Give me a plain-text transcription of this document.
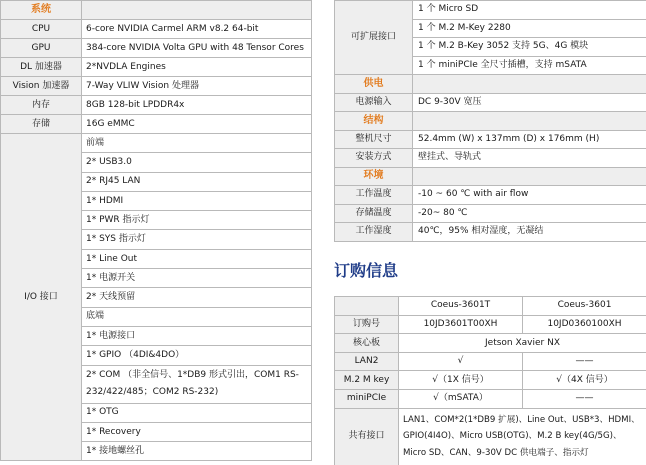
系统	
CPU	6-core NVIDIA Carmel ARM v8.2 64-bit
GPU	384-core NVIDIA Volta GPU with 48 Tensor Cores
DL 加速器	2*NVDLA Engines
Vision 加速器	7-Way VLIW Vision 处理器
内存	8GB 128-bit LPDDR4x
存储	16G eMMC
I/O 接口	前端
	2* USB3.0
	2* RJ45 LAN
	1* HDMI
	1* PWR 指示灯
	1* SYS 指示灯
	1* Line Out
	1* 电源开关
	2* 天线预留
	底端
	1* 电源接口
	1* GPIO （4DI&4DO）

	2* COM （非全信号、1*DB9 形式引出，COM1 RS-
232/422/485；COM2 RS-232)

	1* OTG
	1* Recovery
	1* 接地螺丝孔
可扩展接口	1 个 Micro SD
	1 个 M.2 M-Key 2280
	1 个 M.2 B-Key 3052 支持 5G、4G 模块
	1 个 miniPCIe 全尺寸插槽，支持 mSATA
供电	
电源输入	DC 9-30V 宽压
结构	
整机尺寸	52.4mm (W) x 137mm (D) x 176mm (H)
安装方式	壁挂式、导轨式
环境	
工作温度	-10 ~ 60 ℃ with air flow
存储温度	-20~ 80 ℃
工作湿度	40℃，95% 相对湿度，无凝结
订购信息
	Coeus-3601T	Coeus-3601
订购号	10JD3601T00XH	10JD0360100XH
核心板	Jetson Xavier NX	
LAN2	√	——
M.2 M key	√（1X 信号）	√（4X 信号）
miniPCIe	√（mSATA）	——
共有接口	LAN1、COM*2(1*DB9 扩展)、Line Out、USB*3、HDMI、GPIO(4I4O)、Micro USB(OTG)、M.2 B key(4G/5G)、Micro SD、CAN、9-30V DC 供电端子、指示灯	
